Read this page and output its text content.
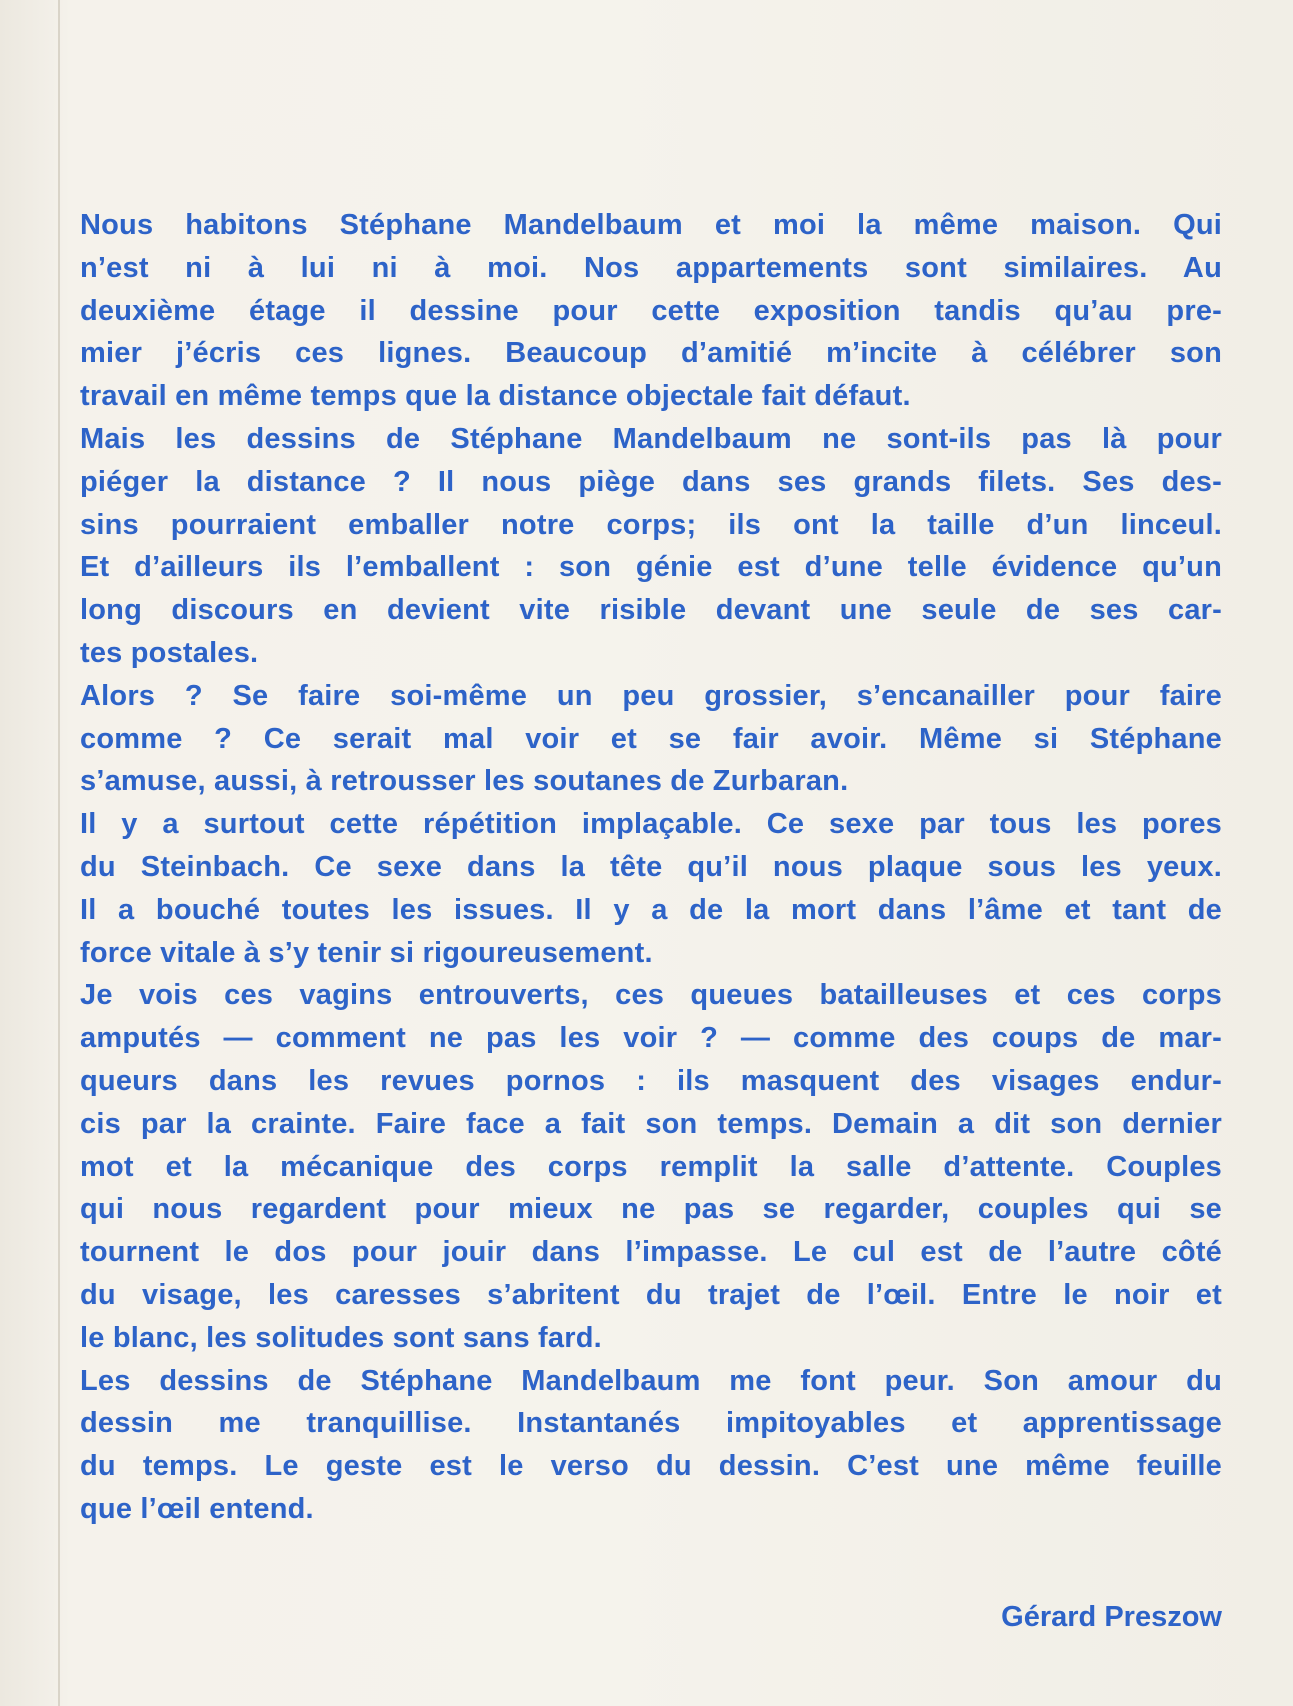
Nous habitons Stéphane Mandelbaum et moi la même maison. Qui
n’est ni à lui ni à moi. Nos appartements sont similaires. Au
deuxième étage il dessine pour cette exposition tandis qu’au pre-
mier j’écris ces lignes. Beaucoup d’amitié m’incite à célébrer son
travail en même temps que la distance objectale fait défaut.
Mais les dessins de Stéphane Mandelbaum ne sont-ils pas là pour
piéger la distance ? Il nous piège dans ses grands filets. Ses des-
sins pourraient emballer notre corps; ils ont la taille d’un linceul.
Et d’ailleurs ils l’emballent : son génie est d’une telle évidence qu’un
long discours en devient vite risible devant une seule de ses car-
tes postales.
Alors ? Se faire soi-même un peu grossier, s’encanailler pour faire
comme ? Ce serait mal voir et se fair avoir. Même si Stéphane
s’amuse, aussi, à retrousser les soutanes de Zurbaran.
Il y a surtout cette répétition implaçable. Ce sexe par tous les pores
du Steinbach. Ce sexe dans la tête qu’il nous plaque sous les yeux.
Il a bouché toutes les issues. Il y a de la mort dans l’âme et tant de
force vitale à s’y tenir si rigoureusement.
Je vois ces vagins entrouverts, ces queues batailleuses et ces corps
amputés — comment ne pas les voir ? — comme des coups de mar-
queurs dans les revues pornos : ils masquent des visages endur-
cis par la crainte. Faire face a fait son temps. Demain a dit son dernier
mot et la mécanique des corps remplit la salle d’attente. Couples
qui nous regardent pour mieux ne pas se regarder, couples qui se
tournent le dos pour jouir dans l’impasse. Le cul est de l’autre côté
du visage, les caresses s’abritent du trajet de l’œil. Entre le noir et
le blanc, les solitudes sont sans fard.
Les dessins de Stéphane Mandelbaum me font peur. Son amour du
dessin me tranquillise. Instantanés impitoyables et apprentissage
du temps. Le geste est le verso du dessin. C’est une même feuille
que l’œil entend.
Gérard Preszow
